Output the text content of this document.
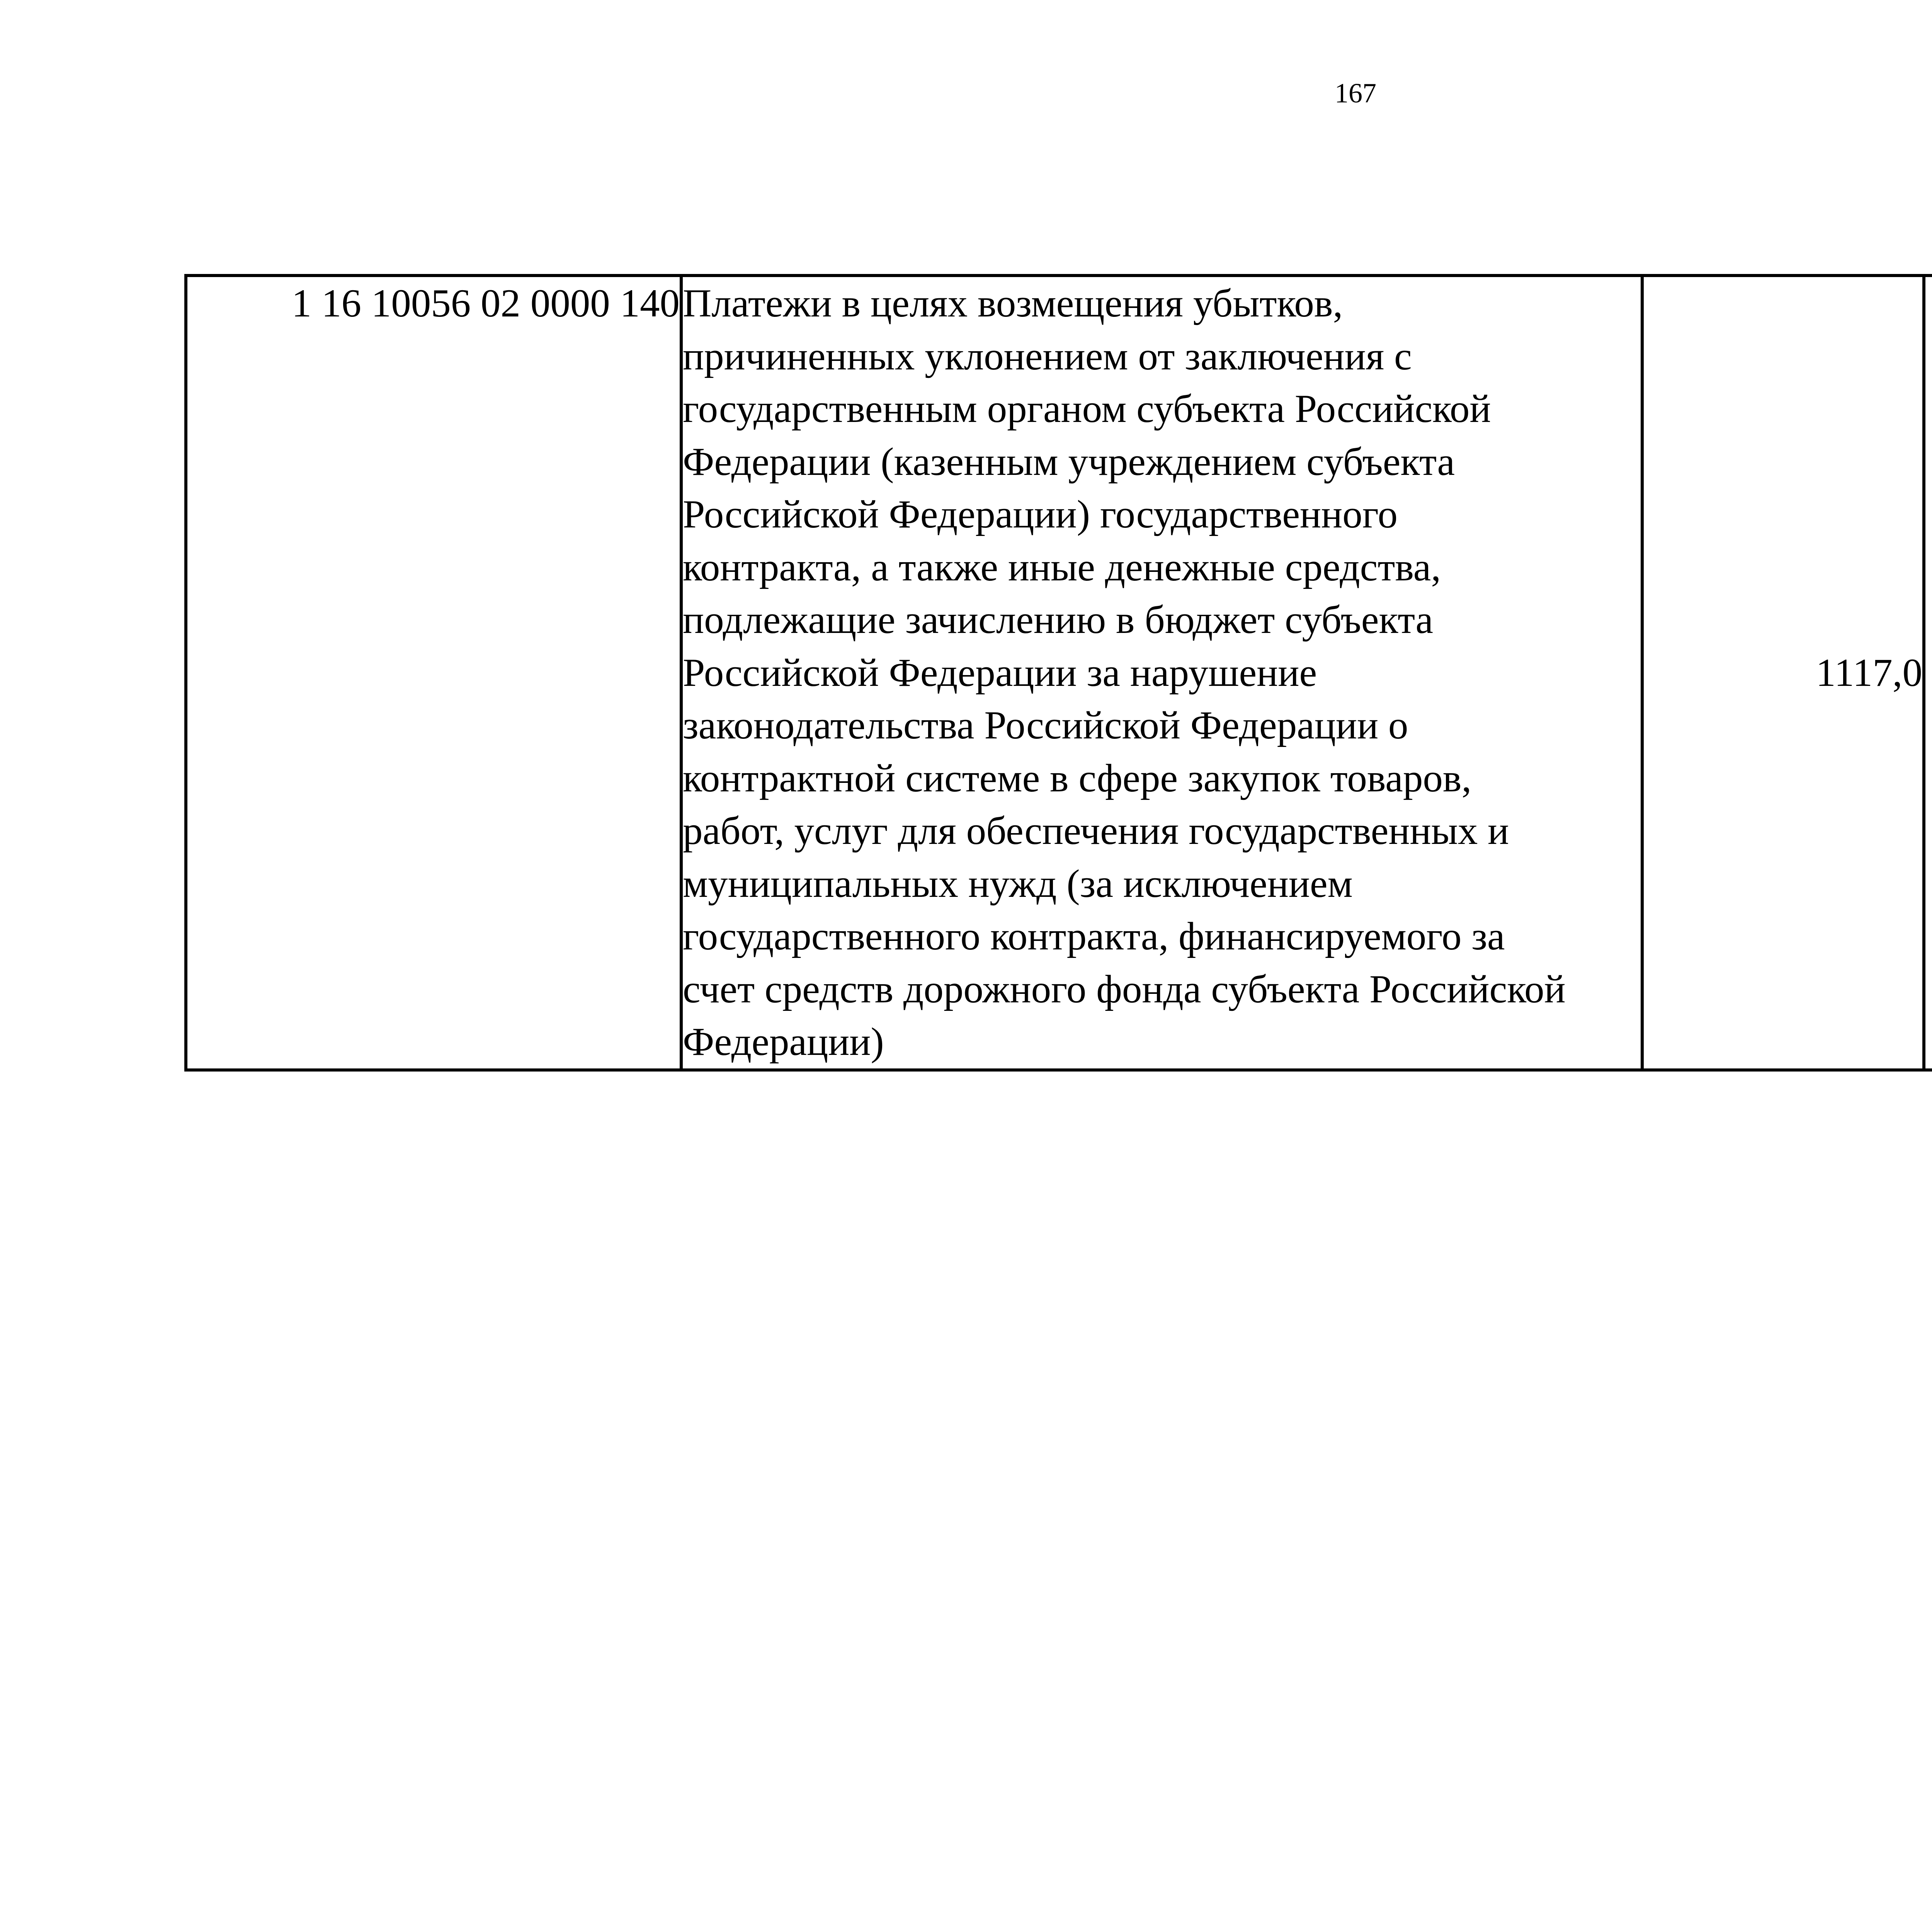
167
1 16 10056 02 0000 140	Платежи в целях возмещения убытков,
причиненных уклонением от заключения с
государственным органом субъекта Российской
Федерации (казенным учреждением субъекта
Российской Федерации) государственного
контракта, а также иные денежные средства,
подлежащие зачислению в бюджет субъекта
Российской Федерации за нарушение
законодательства Российской Федерации о
контрактной системе в сфере закупок товаров,
работ, услуг для обеспечения государственных и
муниципальных нужд (за исключением
государственного контракта, финансируемого за
счет средств дорожного фонда субъекта Российской
Федерации)
	1117,0		
